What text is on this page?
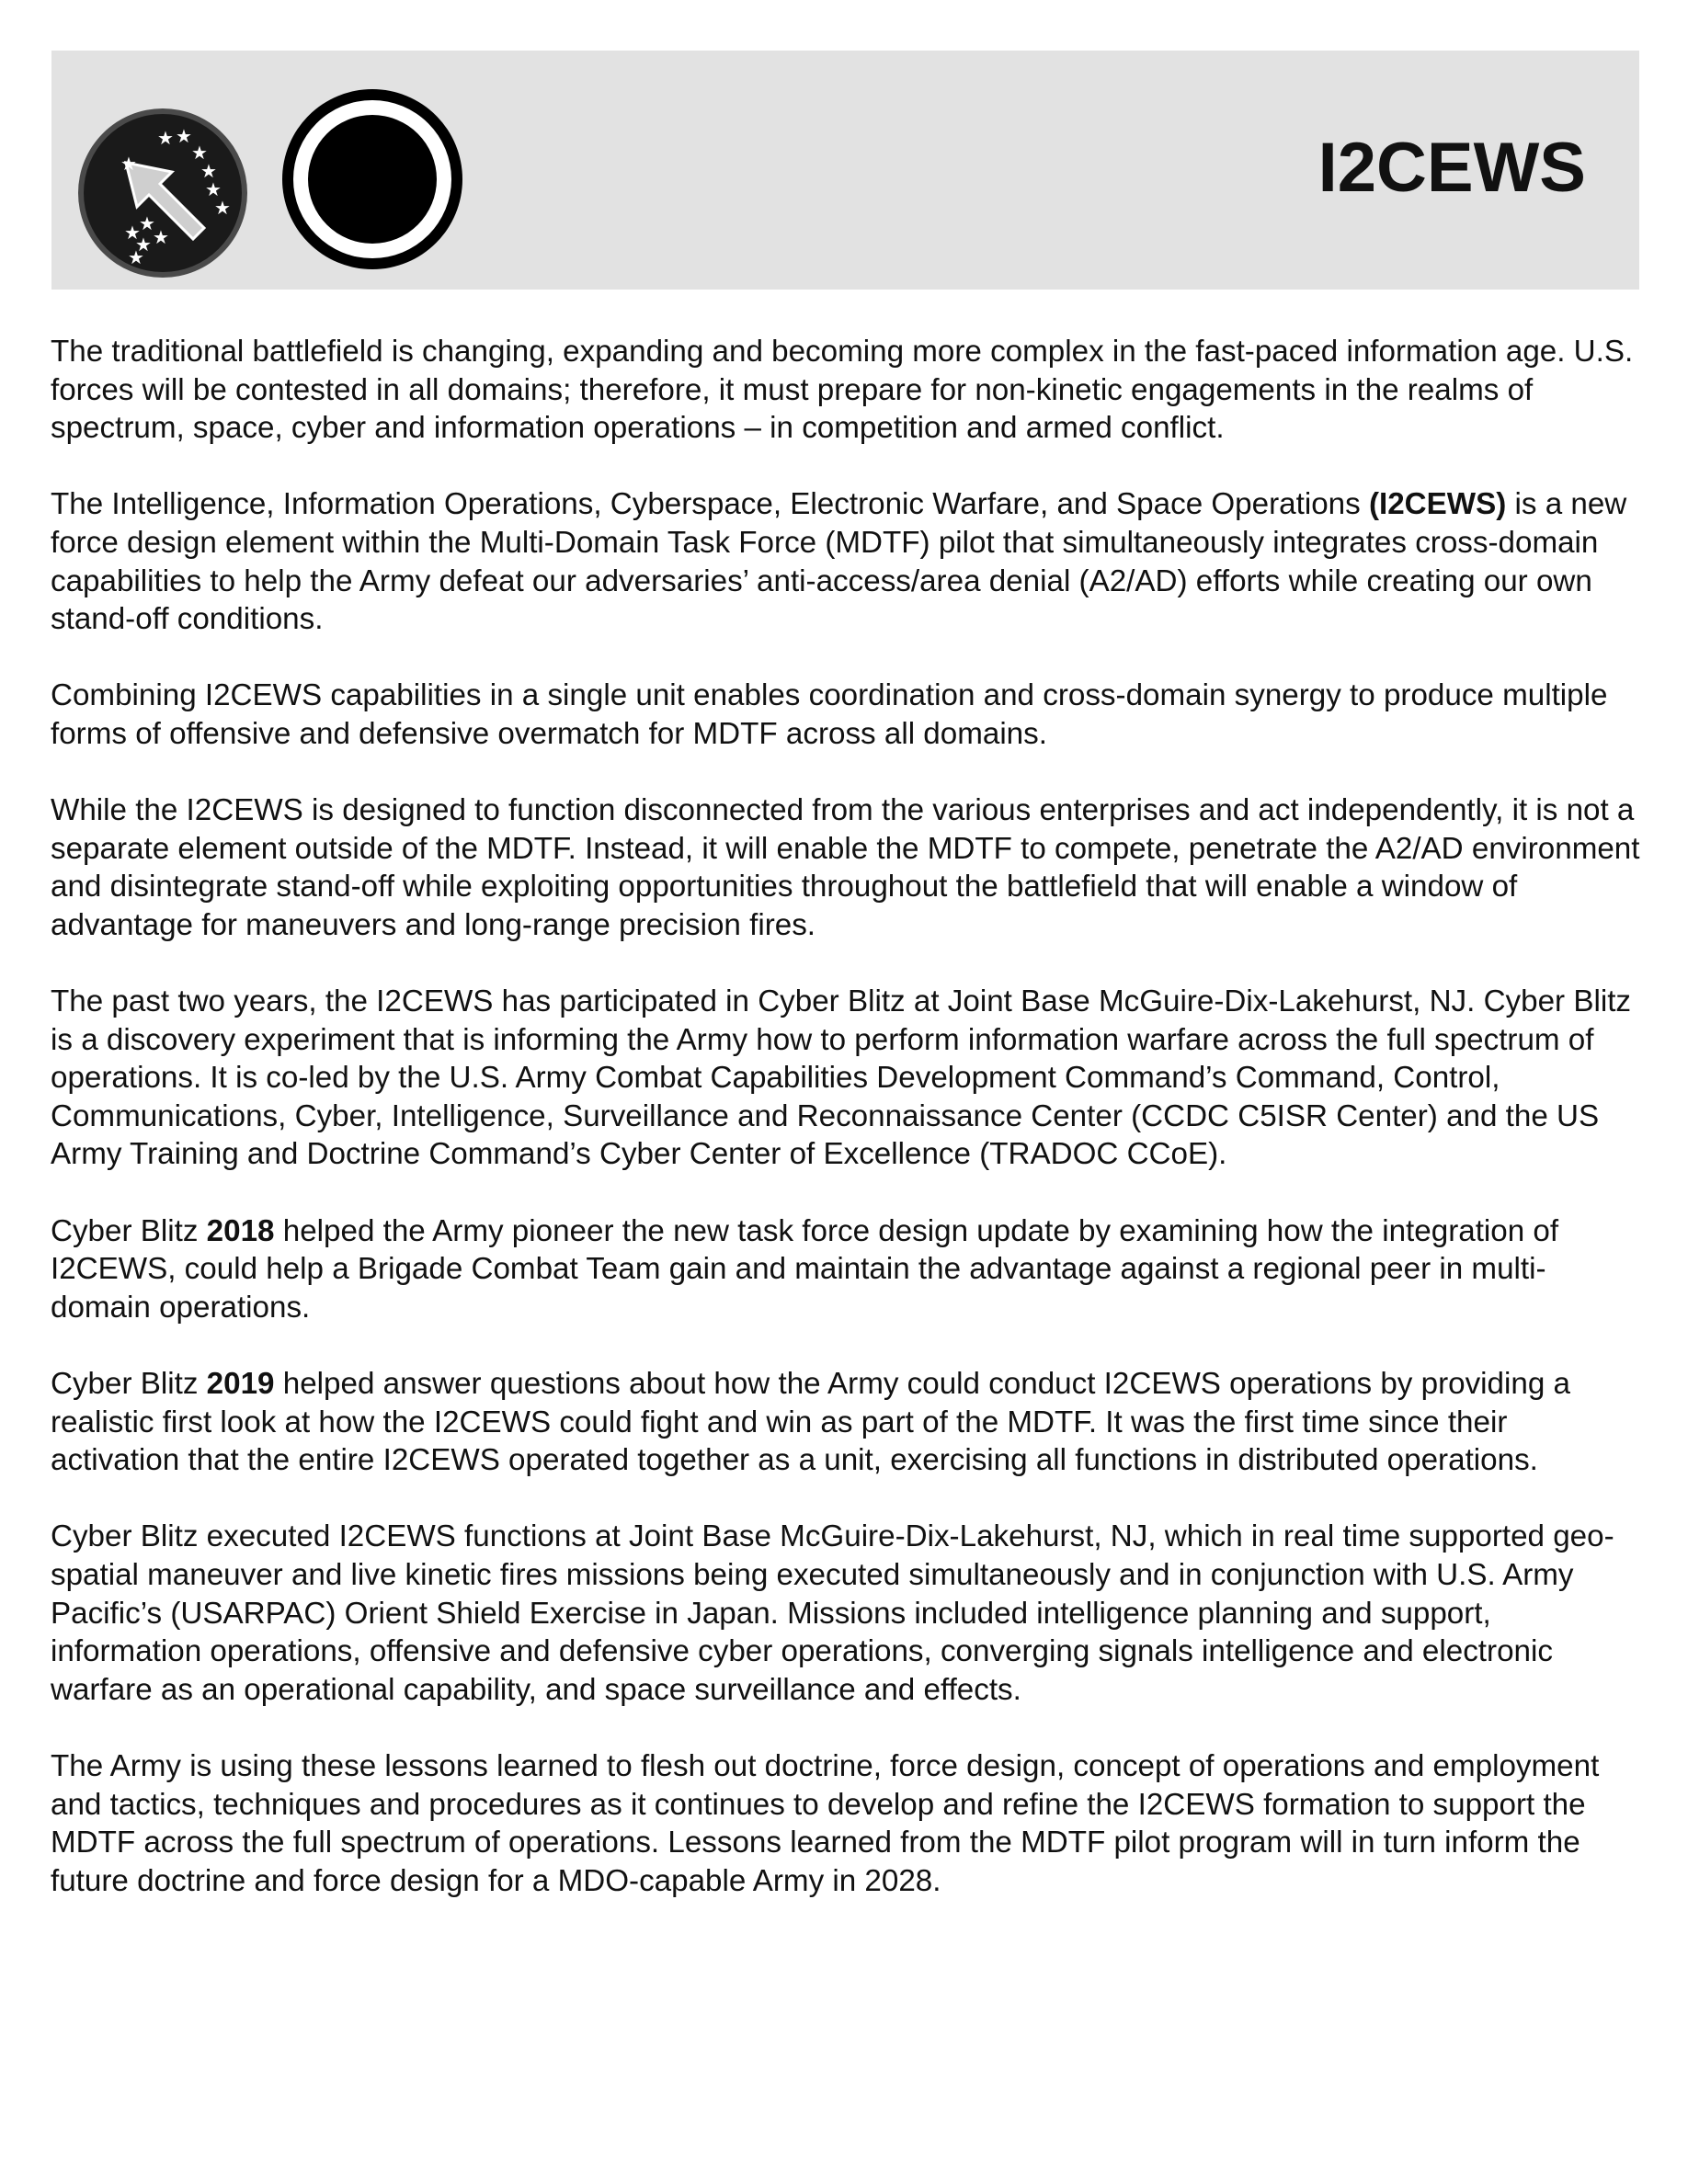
★ ★
★
★
★
★
★
★
★
★ ★
★
I2CEWS

The traditional battlefield is changing, expanding and becoming more complex in the fast-paced information age. U.S. forces will be contested in all domains; therefore, it must prepare for non-kinetic engagements in the realms of spectrum, space, cyber and information operations – in competition and armed conflict.

The Intelligence, Information Operations, Cyberspace, Electronic Warfare, and Space Operations (I2CEWS) is a new force design element within the Multi-Domain Task Force (MDTF) pilot that simultaneously integrates cross-domain capabilities to help the Army defeat our adversaries’ anti-access/area denial (A2/AD) efforts while creating our own stand-off conditions.

Combining I2CEWS capabilities in a single unit enables coordination and cross-domain synergy to produce multiple forms of offensive and defensive overmatch for MDTF across all domains.

While the I2CEWS is designed to function disconnected from the various enterprises and act independently, it is not a separate element outside of the MDTF. Instead, it will enable the MDTF to compete, penetrate the A2/AD environment and disintegrate stand-off while exploiting opportunities throughout the battlefield that will enable a window of advantage for maneuvers and long-range precision fires.

The past two years, the I2CEWS has participated in Cyber Blitz at Joint Base McGuire-Dix-Lakehurst, NJ. Cyber Blitz is a discovery experiment that is informing the Army how to perform information warfare across the full spectrum of operations. It is co-led by the U.S. Army Combat Capabilities Development Command’s Command, Control, Communications, Cyber, Intelligence, Surveillance and Reconnaissance Center (CCDC C5ISR Center) and the US Army Training and Doctrine Command’s Cyber Center of Excellence (TRADOC CCoE).

Cyber Blitz 2018 helped the Army pioneer the new task force design update by examining how the integration of I2CEWS, could help a Brigade Combat Team gain and maintain the advantage against a regional peer in multi-domain operations.

Cyber Blitz 2019 helped answer questions about how the Army could conduct I2CEWS operations by providing a realistic first look at how the I2CEWS could fight and win as part of the MDTF. It was the first time since their activation that the entire I2CEWS operated together as a unit, exercising all functions in distributed operations.

Cyber Blitz executed I2CEWS functions at Joint Base McGuire-Dix-Lakehurst, NJ, which in real time supported geo-spatial maneuver and live kinetic fires missions being executed simultaneously and in conjunction with U.S. Army Pacific’s (USARPAC) Orient Shield Exercise in Japan. Missions included intelligence planning and support, information operations, offensive and defensive cyber operations, converging signals intelligence and electronic warfare as an operational capability, and space surveillance and effects.

The Army is using these lessons learned to flesh out doctrine, force design, concept of operations and employment and tactics, techniques and procedures as it continues to develop and refine the I2CEWS formation to support the MDTF across the full spectrum of operations. Lessons learned from the MDTF pilot program will in turn inform the future doctrine and force design for a MDO-capable Army in 2028.
